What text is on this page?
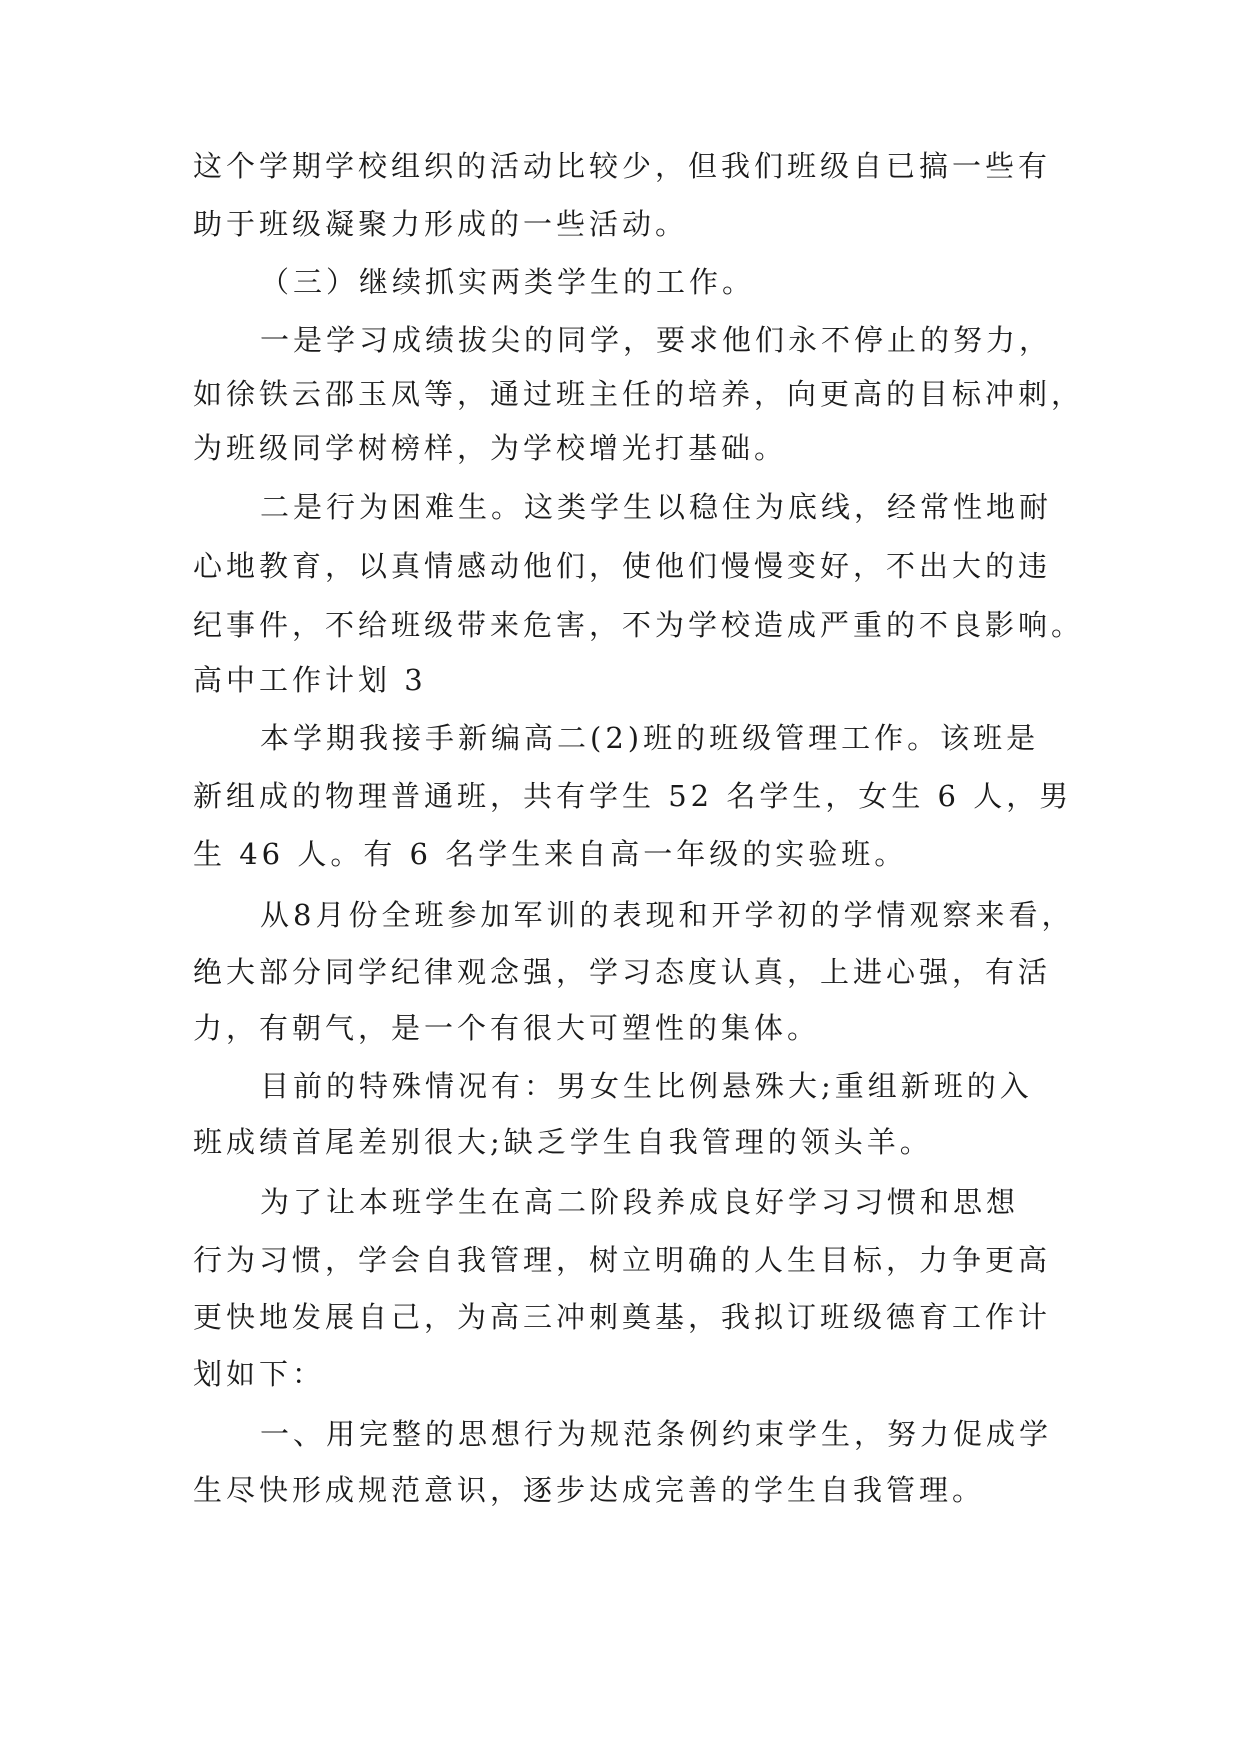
这个学期学校组织的活动比较少，但我们班级自已搞一些有
助于班级凝聚力形成的一些活动。
（三）继续抓实两类学生的工作。
一是学习成绩拔尖的同学，要求他们永不停止的努力，
如徐铁云邵玉凤等，通过班主任的培养，向更高的目标冲刺，
为班级同学树榜样，为学校增光打基础。
二是行为困难生。这类学生以稳住为底线，经常性地耐
心地教育，以真情感动他们，使他们慢慢变好，不出大的违
纪事件，不给班级带来危害，不为学校造成严重的不良影响。
高中工作计划 3
本学期我接手新编高二(2)班的班级管理工作。该班是
新组成的物理普通班，共有学生 52 名学生，女生 6 人，男
生 46 人。有 6 名学生来自高一年级的实验班。
从8月份全班参加军训的表现和开学初的学情观察来看，
绝大部分同学纪律观念强，学习态度认真，上进心强，有活
力，有朝气，是一个有很大可塑性的集体。
目前的特殊情况有：男女生比例悬殊大;重组新班的入
班成绩首尾差别很大;缺乏学生自我管理的领头羊。
为了让本班学生在高二阶段养成良好学习习惯和思想
行为习惯，学会自我管理，树立明确的人生目标，力争更高
更快地发展自己，为高三冲刺奠基，我拟订班级德育工作计
划如下：
一、用完整的思想行为规范条例约束学生，努力促成学
生尽快形成规范意识，逐步达成完善的学生自我管理。
